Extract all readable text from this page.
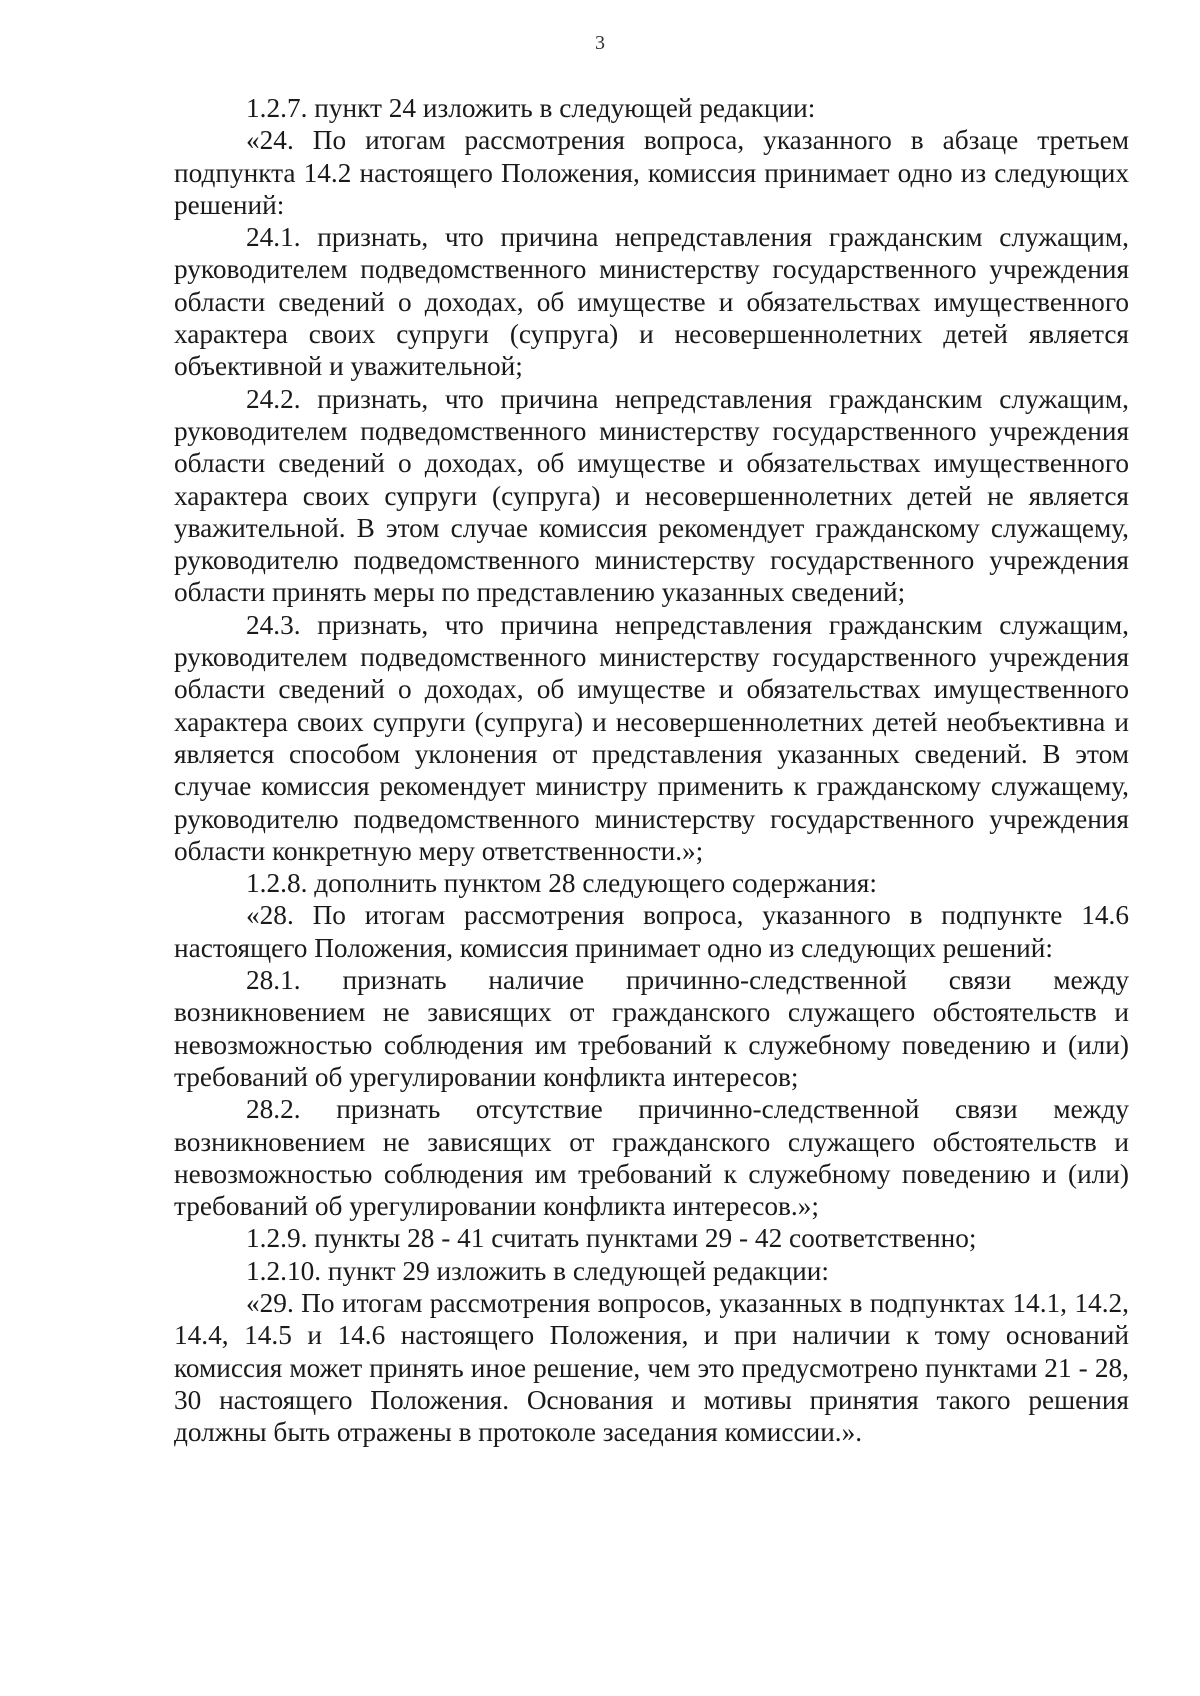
3

1.2.7. пункт 24 изложить в следующей редакции:

«24. По итогам рассмотрения вопроса, указанного в абзаце третьем подпункта 14.2 настоящего Положения, комиссия принимает одно из следующих решений:

24.1. признать, что причина непредставления гражданским служащим, руководителем подведомственного министерству государственного учреждения области сведений о доходах, об имуществе и обязательствах имущественного характера своих супруги (супруга) и несовершеннолетних детей является объективной и уважительной;

24.2. признать, что причина непредставления гражданским служащим, руководителем подведомственного министерству государственного учреждения области сведений о доходах, об имуществе и обязательствах имущественного характера своих супруги (супруга) и несовершеннолетних детей не является уважительной. В этом случае комиссия рекомендует гражданскому служащему, руководителю подведомственного министерству государственного учреждения области принять меры по представлению указанных сведений;

24.3. признать, что причина непредставления гражданским служащим, руководителем подведомственного министерству государственного учреждения области сведений о доходах, об имуществе и обязательствах имущественного характера своих супруги (супруга) и несовершеннолетних детей необъективна и является способом уклонения от представления указанных сведений. В этом случае комиссия рекомендует министру применить к гражданскому служащему, руководителю подведомственного министерству государственного учреждения области конкретную меру ответственности.»;

1.2.8. дополнить пунктом 28 следующего содержания:

«28. По итогам рассмотрения вопроса, указанного в подпункте 14.6 настоящего Положения, комиссия принимает одно из следующих решений:

28.1. признать наличие причинно-следственной связи между возникновением не зависящих от гражданского служащего обстоятельств и невозможностью соблюдения им требований к служебному поведению и (или) требований об урегулировании конфликта интересов;

28.2. признать отсутствие причинно-следственной связи между возникновением не зависящих от гражданского служащего обстоятельств и невозможностью соблюдения им требований к служебному поведению и (или) требований об урегулировании конфликта интересов.»;

1.2.9. пункты 28 - 41 считать пунктами 29 - 42 соответственно;

1.2.10. пункт 29 изложить в следующей редакции:

«29. По итогам рассмотрения вопросов, указанных в подпунктах 14.1, 14.2, 14.4, 14.5 и 14.6 настоящего Положения, и при наличии к тому оснований комиссия может принять иное решение, чем это предусмотрено пунктами 21 - 28, 30 настоящего Положения. Основания и мотивы принятия такого решения должны быть отражены в протоколе заседания комиссии.».
